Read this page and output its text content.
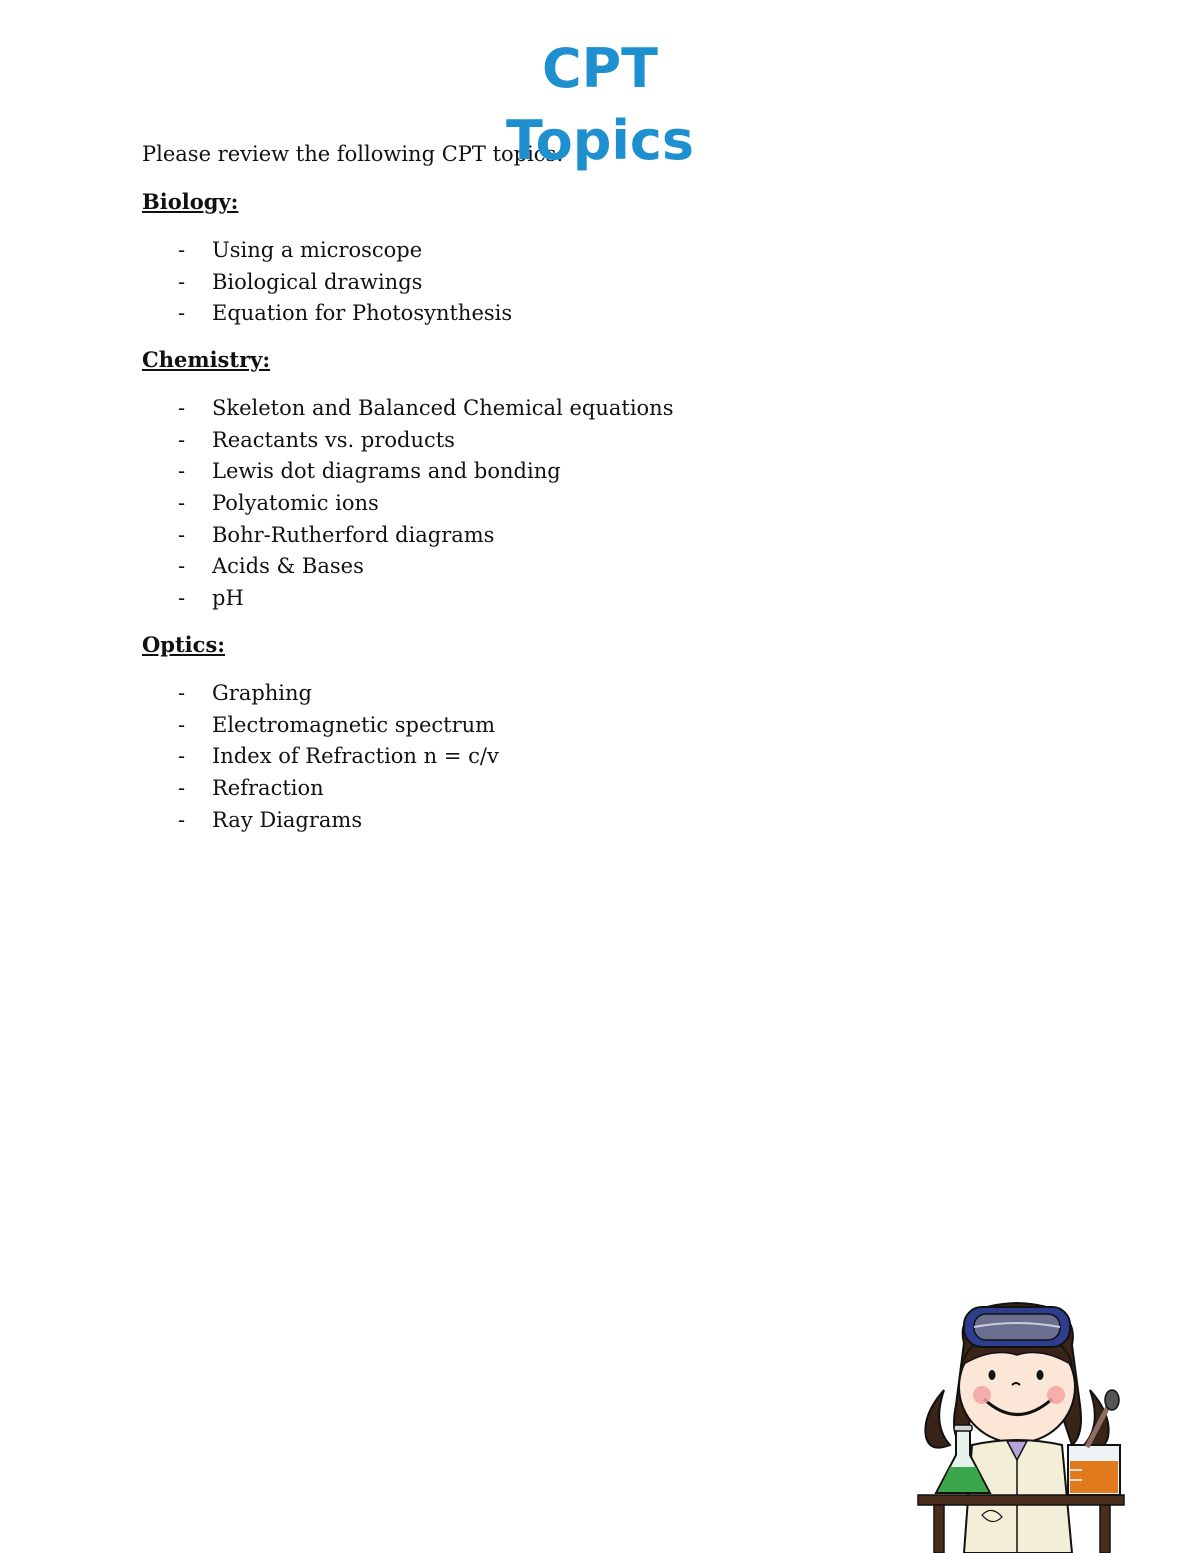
CPT
Topics
Please review the following CPT topics:
Biology:
- Using a microscope
- Biological drawings
- Equation for Photosynthesis
Chemistry:
- Skeleton and Balanced Chemical equations
- Reactants vs. products
- Lewis dot diagrams and bonding
- Polyatomic ions
- Bohr-Rutherford diagrams
- Acids & Bases
- pH
Optics:
- Graphing
- Electromagnetic spectrum
- Index of Refraction n = c/v
- Refraction
- Ray Diagrams
